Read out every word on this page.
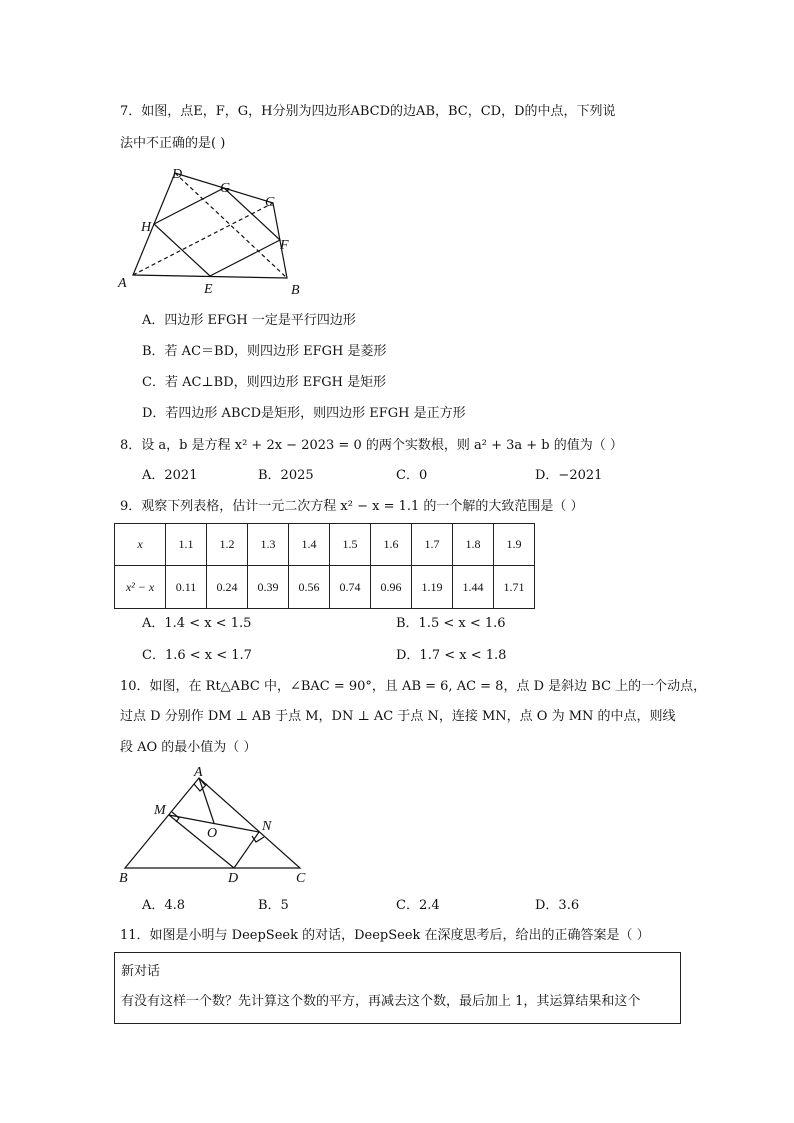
7．如图，点E，F，G，H分别为四边形ABCD的边AB，BC，CD，D的中点，下列说
法中不正确的是( )
A	B
C
D
E
F
G
H
A．四边形 EFGH 一定是平行四边形
B．若 AC＝BD，则四边形 EFGH 是菱形
C．若 AC⊥BD，则四边形 EFGH 是矩形
D．若四边形 ABCD是矩形，则四边形 EFGH 是正方形
8．设 a，b 是方程 x² + 2x − 2023 = 0 的两个实数根，则 a² + 3a + b 的值为（ ）
A．2021	B．2025	C．0	D．−2021
9．观察下列表格，估计一元二次方程 x² − x = 1.1 的一个解的大致范围是（ ）
x	1.1	1.2	1.3	1.4	1.5	1.6	1.7	1.8	1.9
x² − x	0.11	0.24	0.39	0.56	0.74	0.96	1.19	1.44	1.71
A．1.4 < x < 1.5	B．1.5 < x < 1.6
C．1.6 < x < 1.7	D．1.7 < x < 1.8
10．如图，在 Rt△ABC 中，∠BAC = 90°，且 AB = 6, AC = 8，点 D 是斜边 BC 上的一个动点，
过点 D 分别作 DM ⊥ AB 于点 M，DN ⊥ AC 于点 N，连接 MN，点 O 为 MN 的中点，则线
段 AO 的最小值为（ ）
A
B	C
D
M
N
O
A．4.8	B．5	C．2.4	D．3.6
11．如图是小明与 DeepSeek 的对话，DeepSeek 在深度思考后，给出的正确答案是（ ）
新对话
有没有这样一个数？先计算这个数的平方，再减去这个数，最后加上 1，其运算结果和这个
